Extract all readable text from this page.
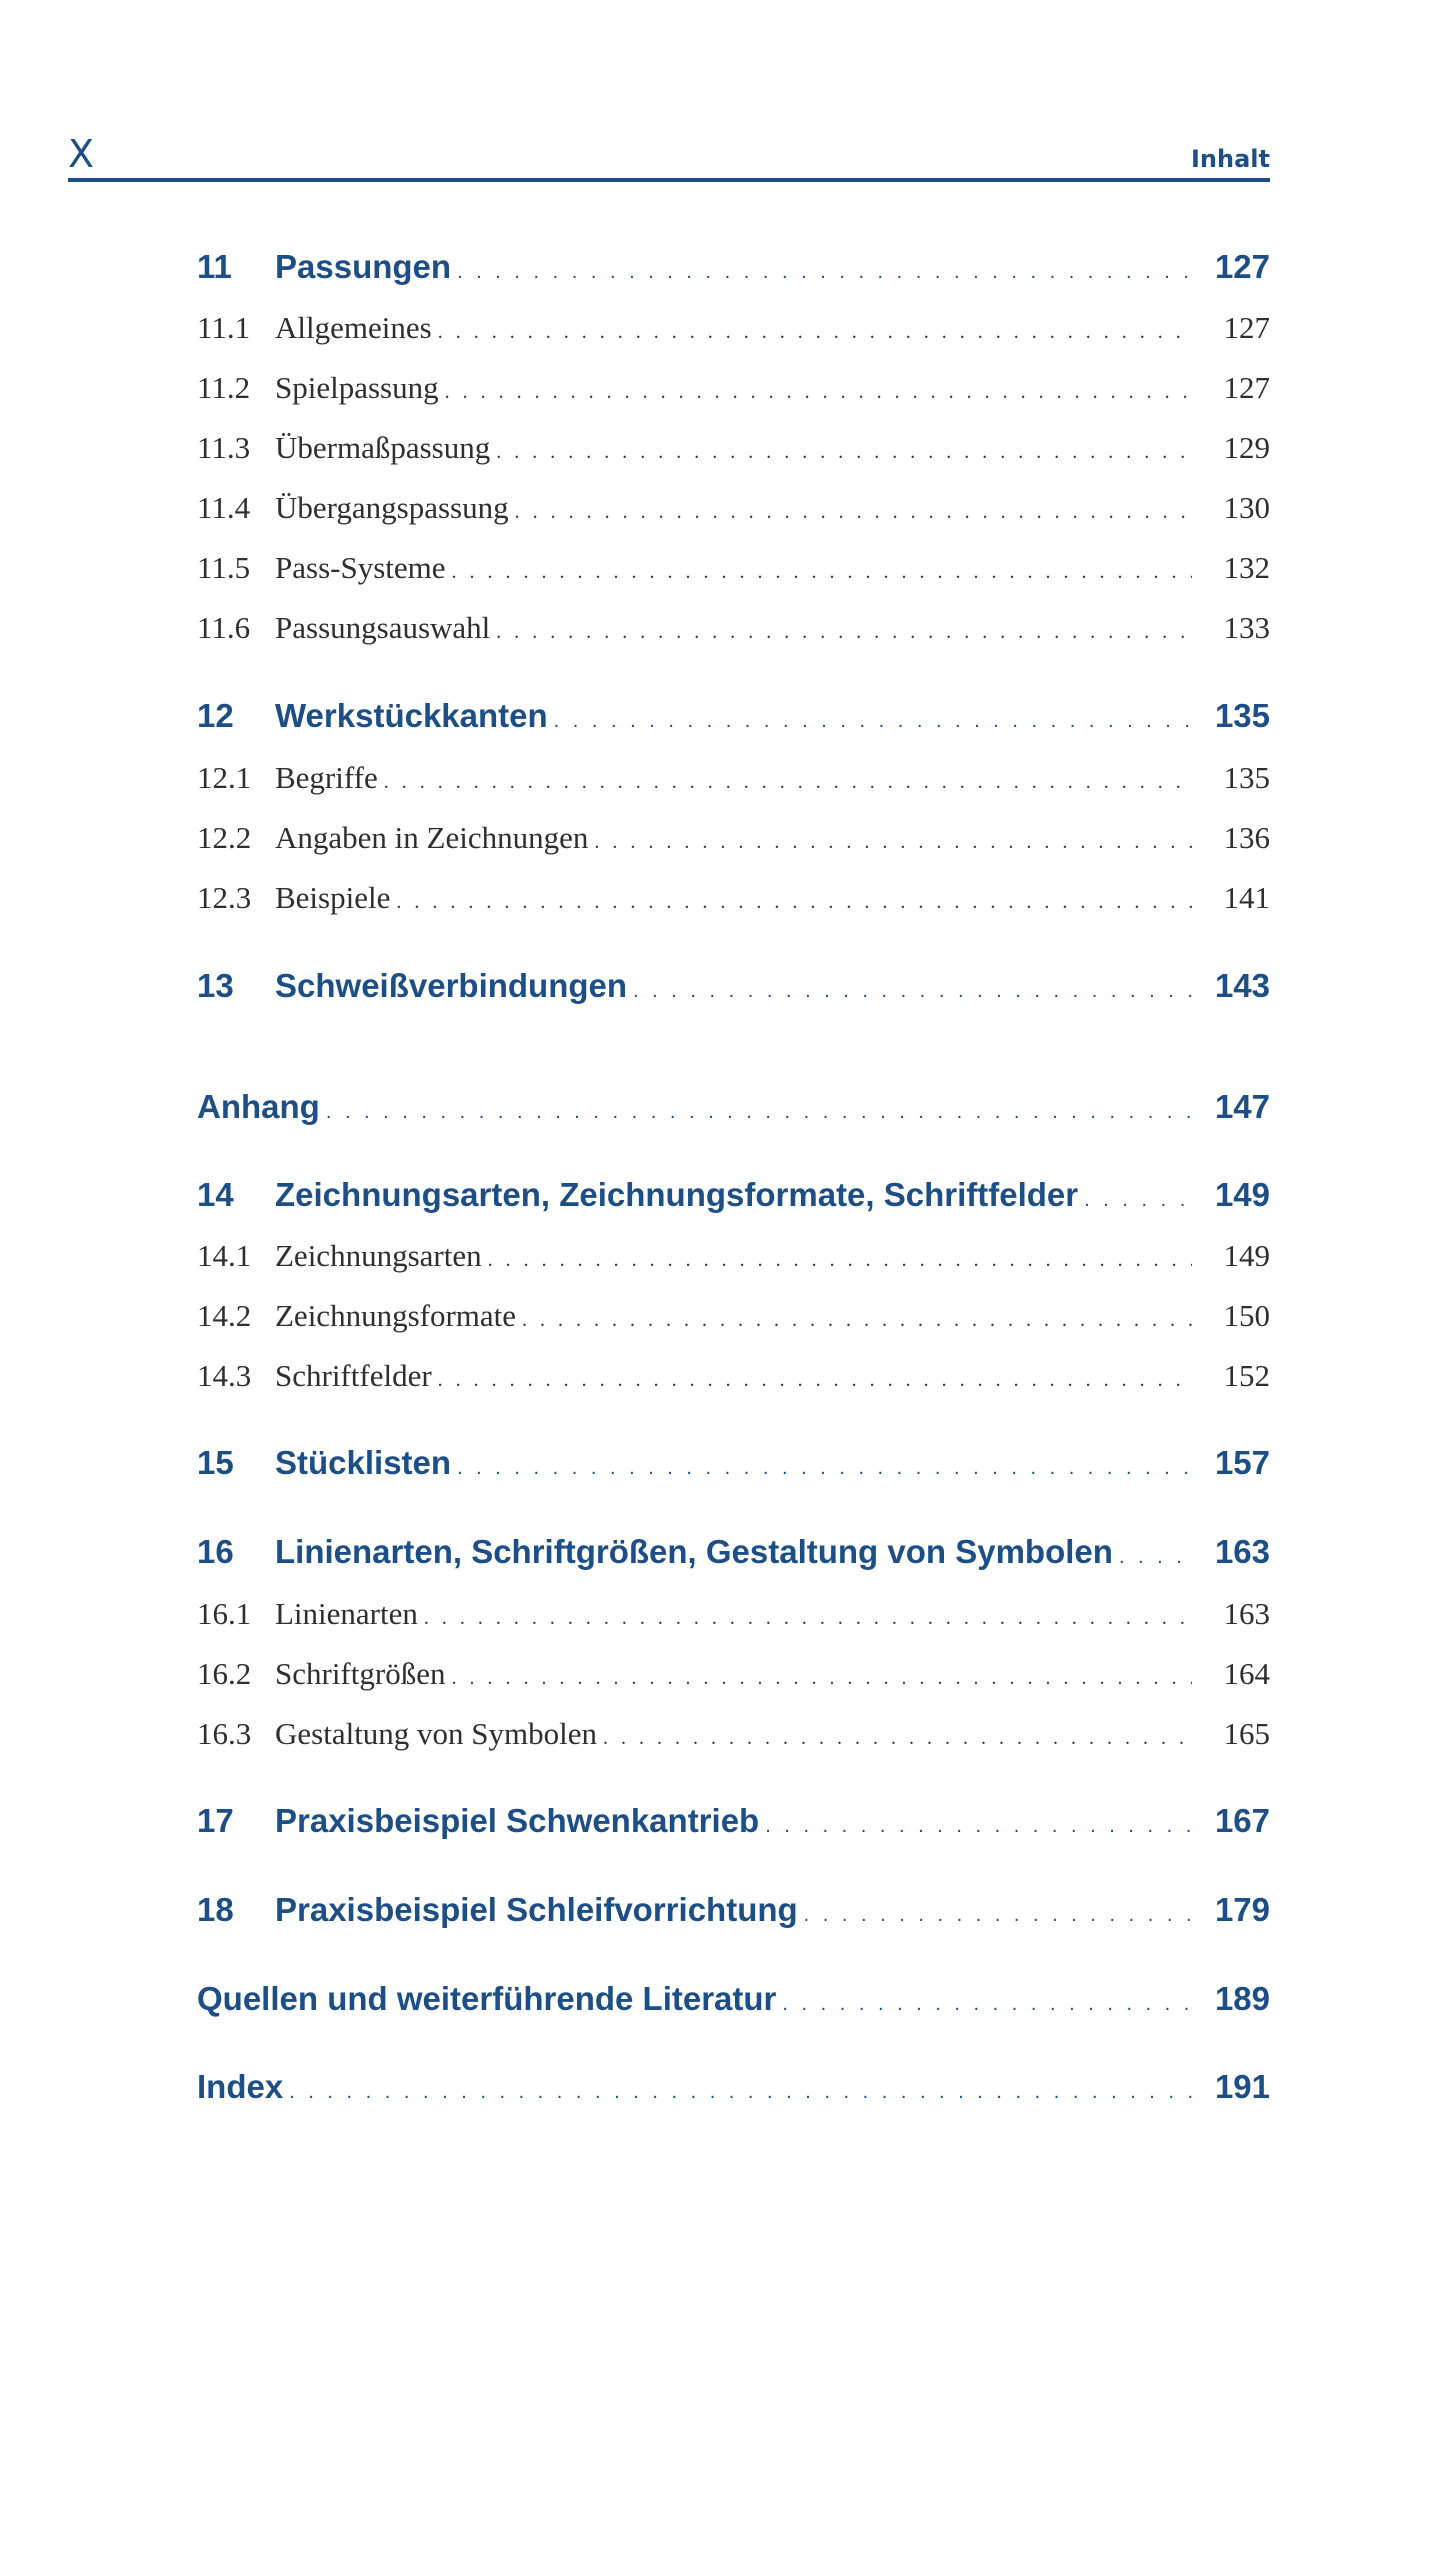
X	Inhalt
11	Passungen . . .	127
11.1 Allgemeines . . .	127
11.2 Spielpassung . . .	127
11.3 Übermaßpassung . . .	129
11.4 Übergangspassung . . .	130
11.5 Pass-Systeme . . .	132
11.6 Passungsauswahl . . .	133
12	Werkstückkanten . . .	135
12.1 Begriffe . . .	135
12.2 Angaben in Zeichnungen . . .	136
12.3 Beispiele . . .	141
13	Schweißverbindungen . . .	143
Anhang . . .	147
14	Zeichnungsarten, Zeichnungsformate, Schriftfelder . . .	149
14.1 Zeichnungsarten . . .	149
14.2 Zeichnungsformate . . .	150
14.3 Schriftfelder . . .	152
15	Stücklisten . . .	157
16	Linienarten, Schriftgrößen, Gestaltung von Symbolen . . .	163
16.1 Linienarten . . .	163
16.2 Schriftgrößen . . .	164
16.3 Gestaltung von Symbolen . . .	165
17	Praxisbeispiel Schwenkantrieb . . .	167
18	Praxisbeispiel Schleifvorrichtung . . .	179
Quellen und weiterführende Literatur . . .	189
Index . . .	191
